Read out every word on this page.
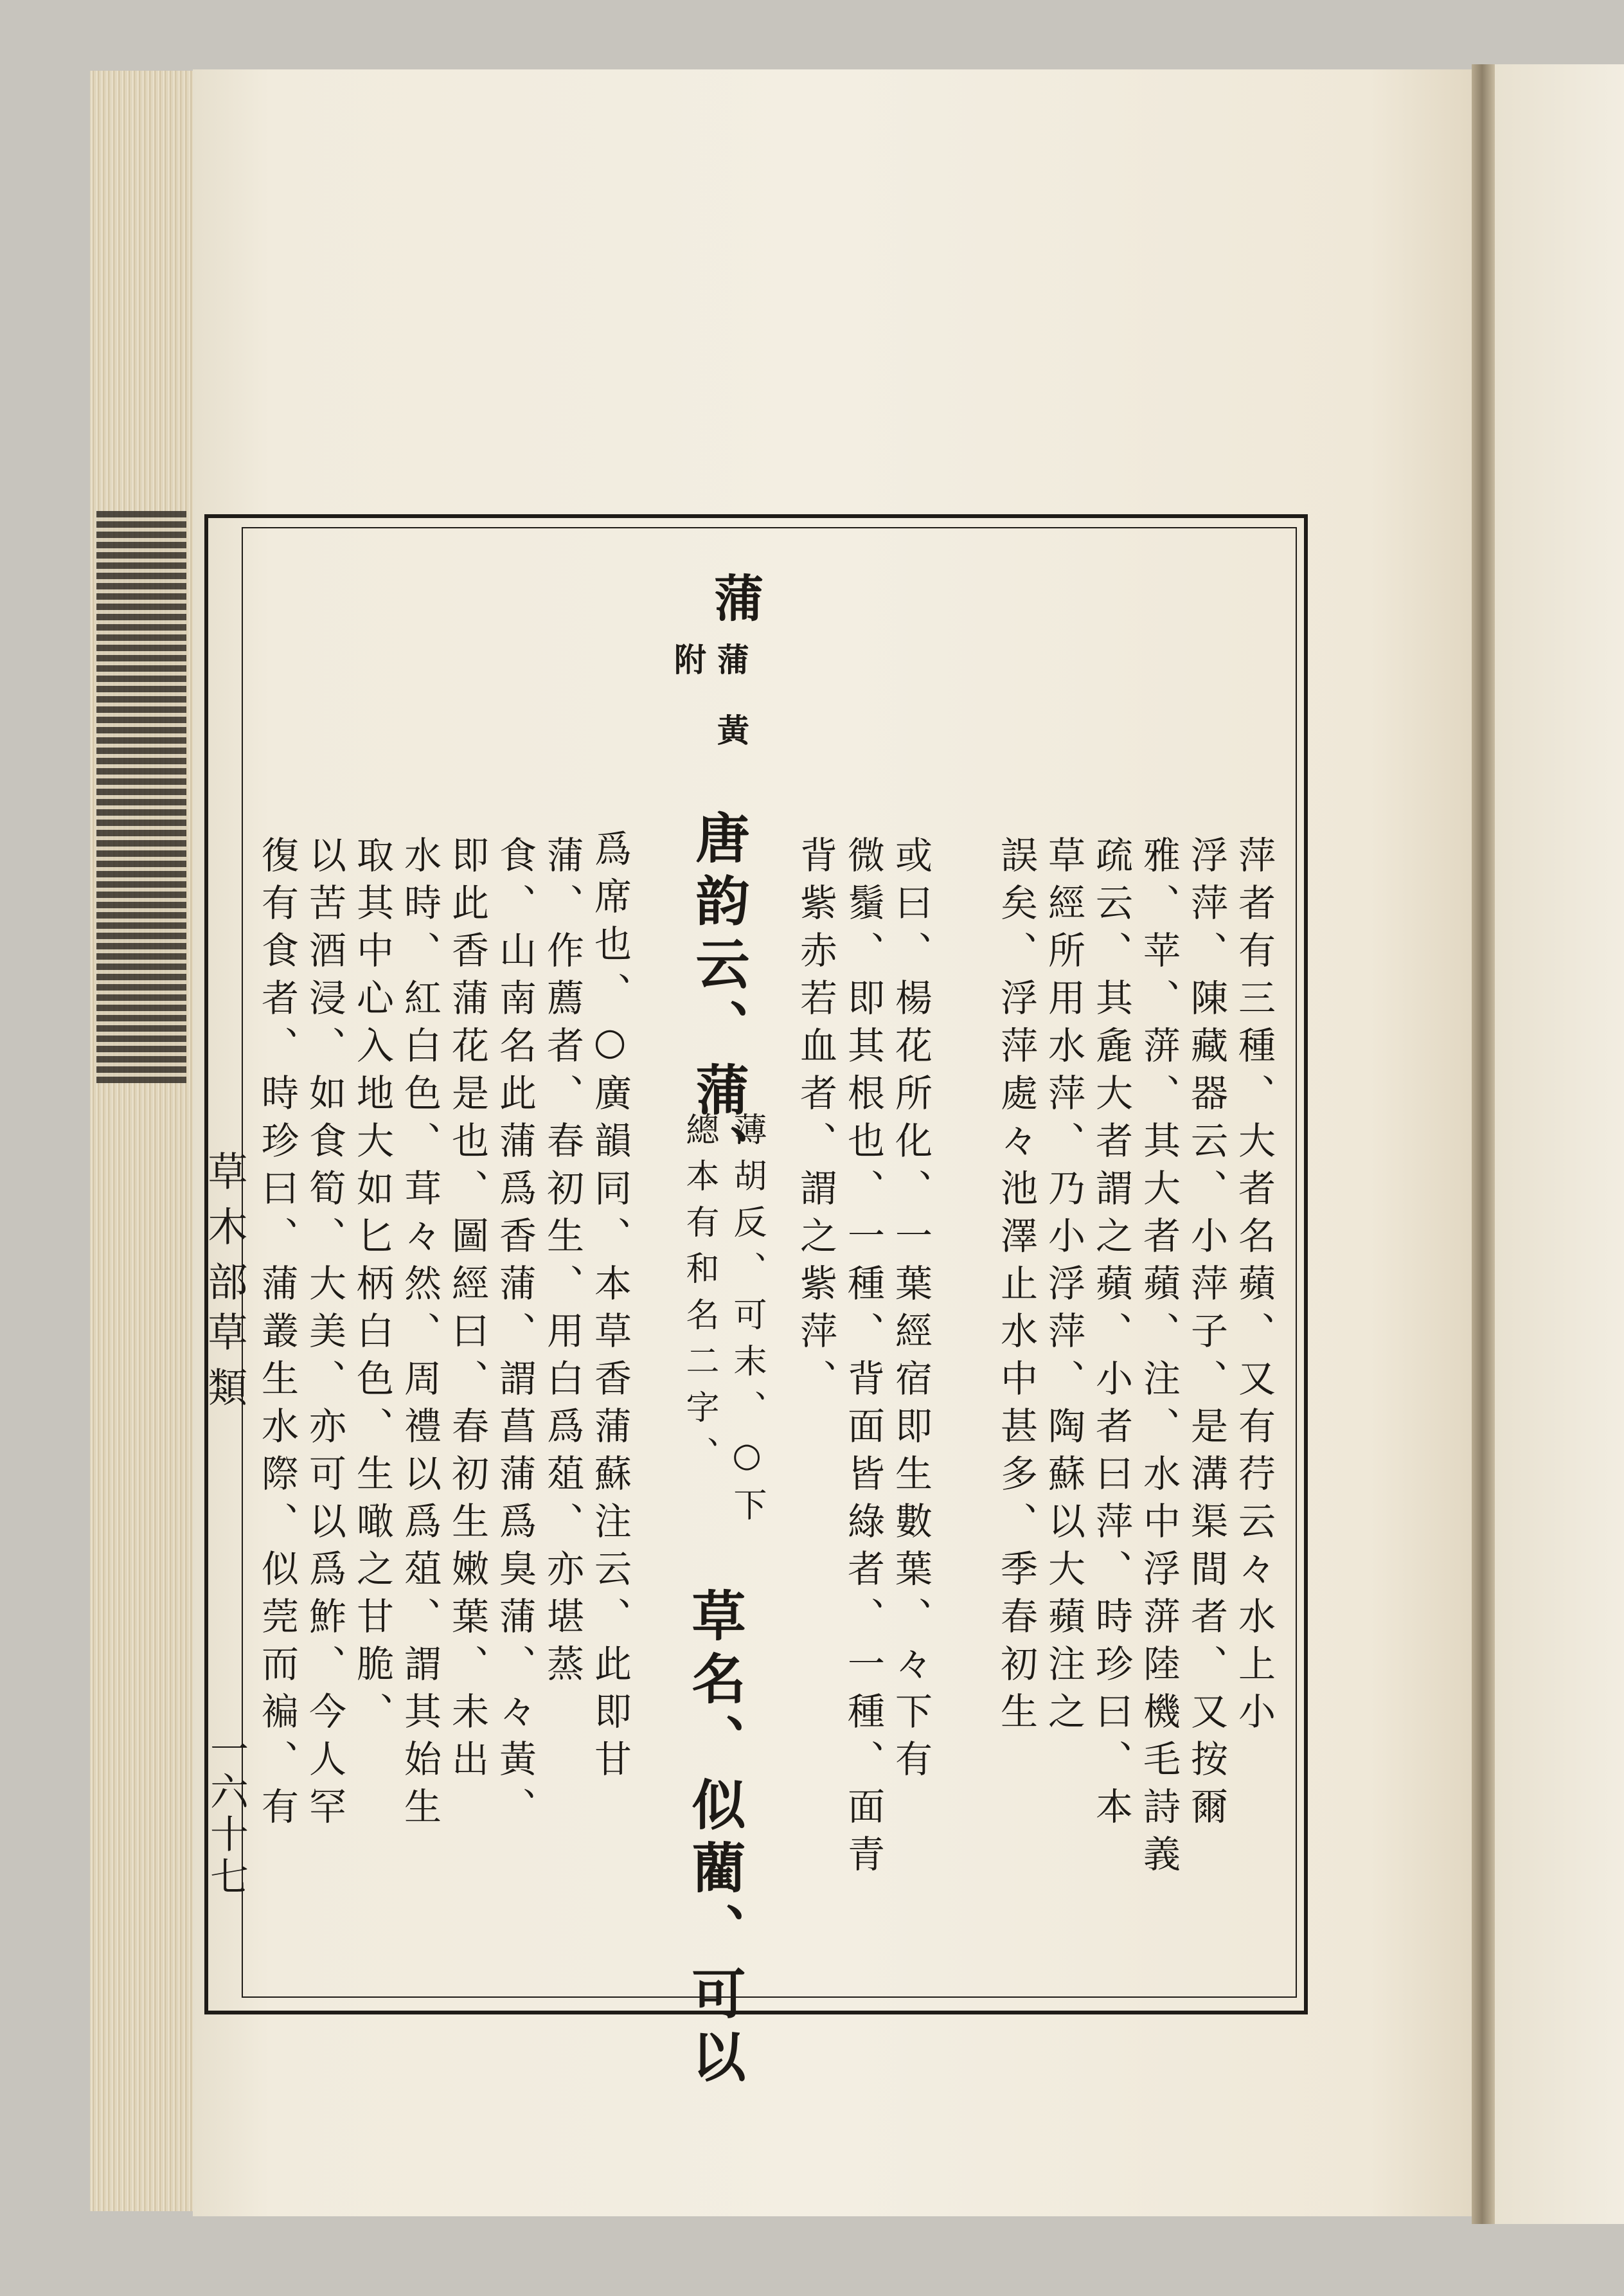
蒲
蒲
附
黃
萍者有三種、大者名蘋、又有荇云々水上小
浮萍、陳藏器云、小萍子、是溝渠間者、又按爾
雅、苹、蓱、其大者蘋、注、水中浮蓱陸機毛詩義
疏云、其麁大者謂之蘋、小者曰萍、時珍曰、本
草經所用水萍、乃小浮萍、陶蘇以大蘋注之
誤矣、浮萍處々池澤止水中甚多、季春初生
或曰、楊花所化、一葉經宿即生數葉、々下有
微鬚、即其根也、一種、背面皆綠者、一種、面青
背紫赤若血者、謂之紫萍、
唐韵云、蒲、
薄胡反、可末、○下
總本有和名二字、
草名、似藺、可以
爲席也、○廣韻同、本草香蒲蘇注云、此即甘
蒲、作薦者、春初生、用白爲葅、亦堪蒸
食、山南名此蒲爲香蒲、謂菖蒲爲臭蒲、々黃、
即此香蒲花是也、圖經曰、春初生嫩葉、未出
水時、紅白色、茸々然、周禮以爲葅、謂其始生
取其中心入地大如匕柄白色、生噉之甘脆、
以苦酒浸、如食筍、大美、亦可以爲鮓、今人罕
復有食者、時珍曰、蒲叢生水際、似莞而褊、有
草木部
草類
一六十七
